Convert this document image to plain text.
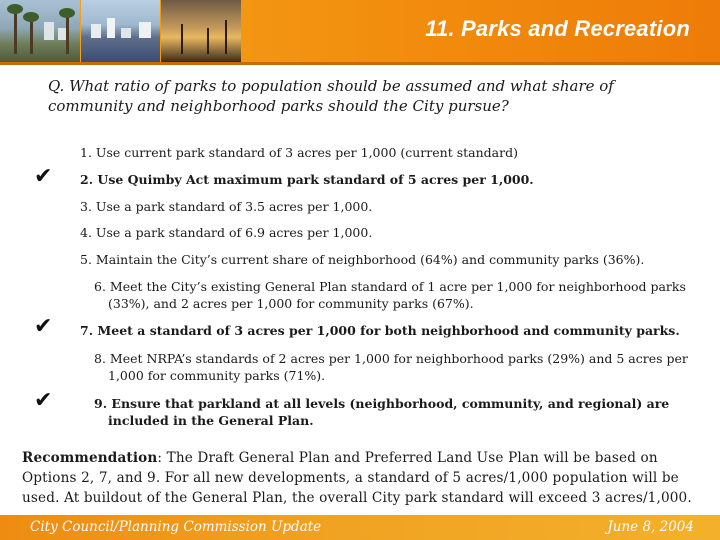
11. Parks and Recreation
Q. What ratio of parks to population should be assumed and what share of community and neighborhood parks should the City pursue?
1. Use current park standard of 3 acres per 1,000 (current standard)
✔ 2. Use Quimby Act maximum park standard of 5 acres per 1,000.
3. Use a park standard of 3.5 acres per 1,000.
4. Use a park standard of 6.9 acres per 1,000.
5. Maintain the City’s current share of neighborhood (64%) and community parks (36%).
6. Meet the City’s existing General Plan standard of 1 acre per 1,000 for neighborhood parks (33%), and 2 acres per 1,000 for community parks (67%).
✔ 7. Meet a standard of 3 acres per 1,000 for both neighborhood and community parks.
8. Meet NRPA’s standards of 2 acres per 1,000 for neighborhood parks (29%) and 5 acres per 1,000 for community parks (71%).
✔	9. Ensure that parkland at all levels (neighborhood, community, and regional) are included in the General Plan.
Recommendation: The Draft General Plan and Preferred Land Use Plan will be based on Options 2, 7, and 9. For all new developments, a standard of 5 acres/1,000 population will be used. At buildout of the General Plan, the overall City park standard will exceed 3 acres/1,000.
City Council/Planning Commission Update	June 8, 2004
